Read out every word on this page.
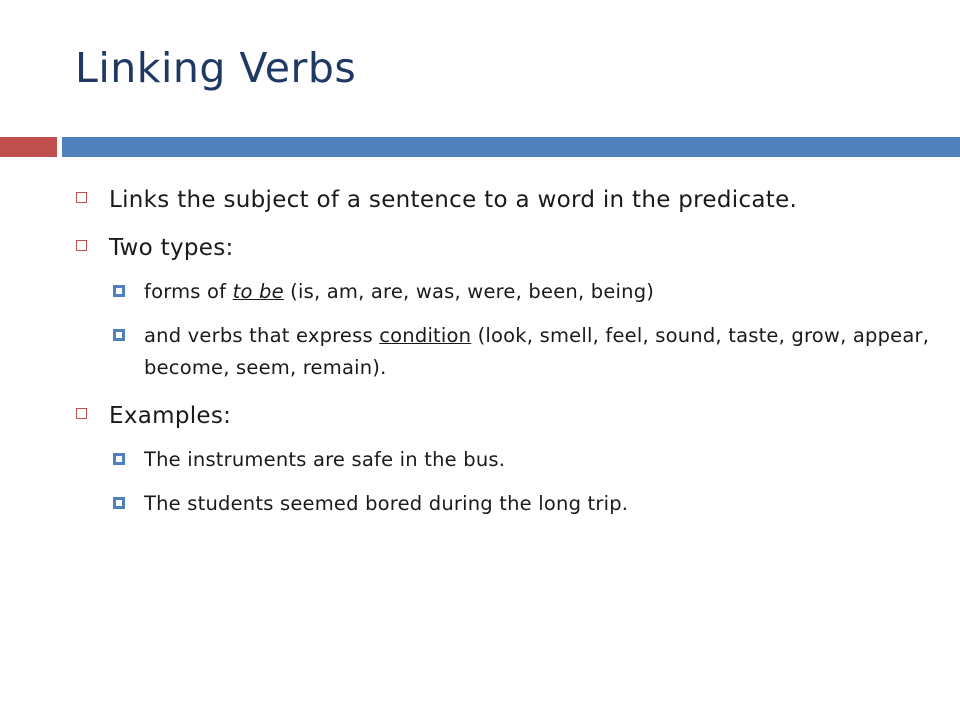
Linking Verbs
Links the subject of a sentence to a word in the predicate.
Two types:
forms of to be (is, am, are, was, were, been, being)
and verbs that express condition (look, smell, feel, sound, taste, grow, appear, become, seem, remain).
Examples:
The instruments are safe in the bus.
The students seemed bored during the long trip.
